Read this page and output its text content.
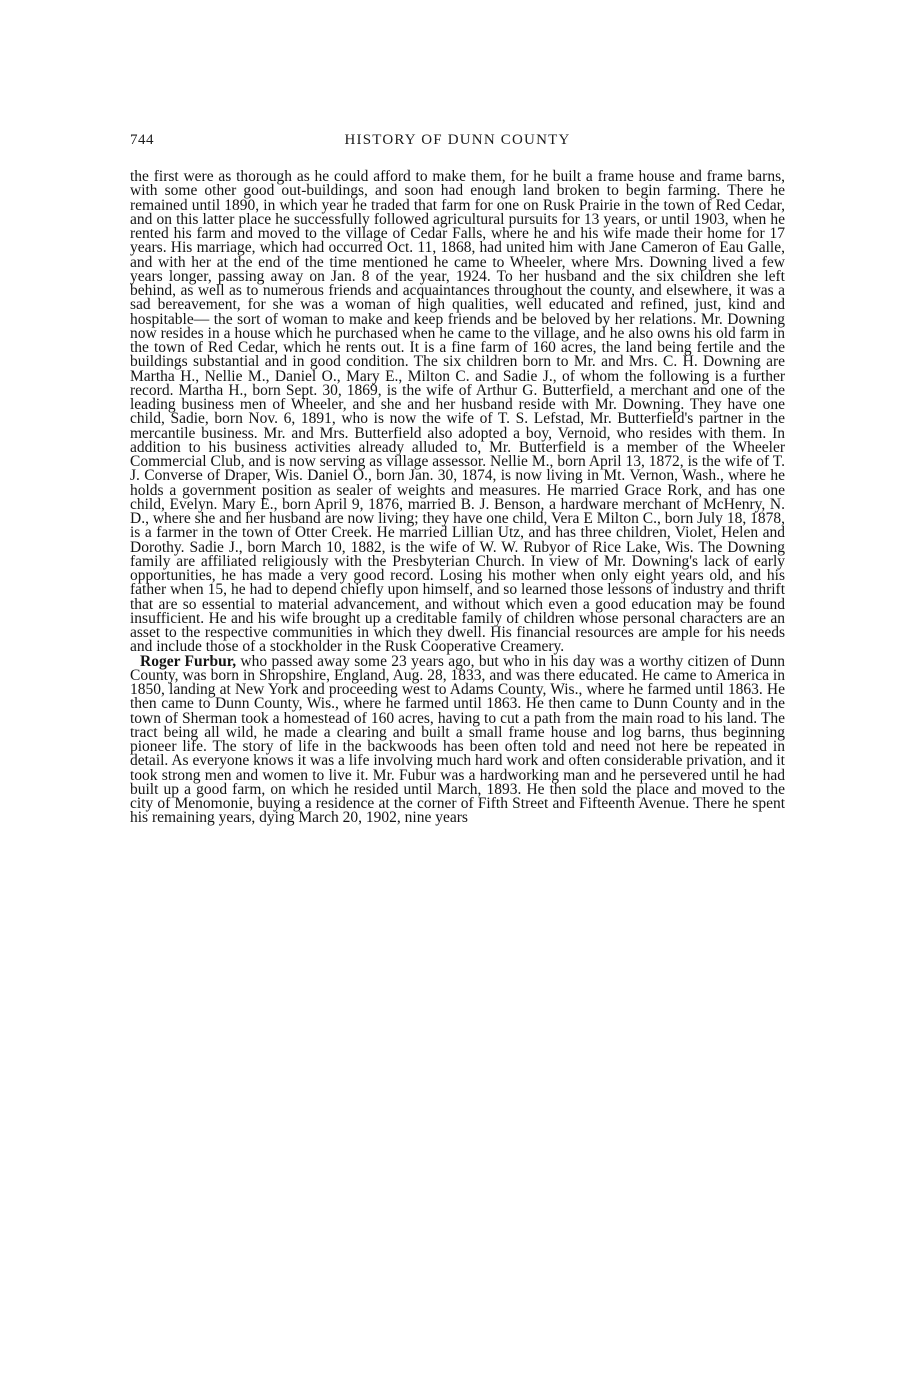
744	HISTORY OF DUNN COUNTY

the first were as thorough as he could afford to make them, for he built a frame house and frame barns, with some other good out-buildings, and soon had enough land broken to begin farming. There he remained until 1890, in which year he traded that farm for one on Rusk Prairie in the town of Red Cedar, and on this latter place he successfully followed agricultural pursuits for 13 years, or until 1903, when he rented his farm and moved to the village of Cedar Falls, where he and his wife made their home for 17 years. His marriage, which had occurred Oct. 11, 1868, had united him with Jane Cameron of Eau Galle, and with her at the end of the time mentioned he came to Wheeler, where Mrs. Downing lived a few years longer, passing away on Jan. 8 of the year, 1924. To her husband and the six children she left behind, as well as to numerous friends and acquaintances throughout the county, and elsewhere, it was a sad bereavement, for she was a woman of high qualities, well educated and refined, just, kind and hospitable— the sort of woman to make and keep friends and be beloved by her relations. Mr. Downing now resides in a house which he purchased when he came to the village, and he also owns his old farm in the town of Red Cedar, which he rents out. It is a fine farm of 160 acres, the land being fertile and the buildings substantial and in good condition. The six children born to Mr. and Mrs. C. H. Downing are Martha H., Nellie M., Daniel O., Mary E., Milton C. and Sadie J., of whom the following is a further record. Martha H., born Sept. 30, 1869, is the wife of Arthur G. Butterfield, a merchant and one of the leading business men of Wheeler, and she and her husband reside with Mr. Downing. They have one child, Sadie, born Nov. 6, 1891, who is now the wife of T. S. Lefstad, Mr. Butterfield's partner in the mercantile business. Mr. and Mrs. Butterfield also adopted a boy, Vernoid, who resides with them. In addition to his business activities already alluded to, Mr. Butterfield is a member of the Wheeler Commercial Club, and is now serving as village assessor. Nellie M., born April 13, 1872, is the wife of T. J. Converse of Draper, Wis. Daniel O., born Jan. 30, 1874, is now living in Mt. Vernon, Wash., where he holds a government position as sealer of weights and measures. He married Grace Rork, and has one child, Evelyn. Mary E., born April 9, 1876, married B. J. Benson, a hardware merchant of McHenry, N. D., where she and her husband are now living; they have one child, Vera E Milton C., born July 18, 1878, is a farmer in the town of Otter Creek. He married Lillian Utz, and has three children, Violet, Helen and Dorothy. Sadie J., born March 10, 1882, is the wife of W. W. Rubyor of Rice Lake, Wis. The Downing family are affiliated religiously with the Presbyterian Church. In view of Mr. Downing's lack of early opportunities, he has made a very good record. Losing his mother when only eight years old, and his father when 15, he had to depend chiefly upon himself, and so learned those lessons of industry and thrift that are so essential to material advancement, and without which even a good education may be found insufficient. He and his wife brought up a creditable family of children whose personal characters are an asset to the respective communities in which they dwell. His financial resources are ample for his needs and include those of a stockholder in the Rusk Cooperative Creamery.

Roger Furbur, who passed away some 23 years ago, but who in his day was a worthy citizen of Dunn County, was born in Shropshire, England, Aug. 28, 1833, and was there educated. He came to America in 1850, landing at New York and proceeding west to Adams County, Wis., where he farmed until 1863. He then came to Dunn County, Wis., where he farmed until 1863. He then came to Dunn County and in the town of Sherman took a homestead of 160 acres, having to cut a path from the main road to his land. The tract being all wild, he made a clearing and built a small frame house and log barns, thus beginning pioneer life. The story of life in the backwoods has been often told and need not here be repeated in detail. As everyone knows it was a life involving much hard work and often considerable privation, and it took strong men and women to live it. Mr. Fubur was a hardworking man and he persevered until he had built up a good farm, on which he resided until March, 1893. He then sold the place and moved to the city of Menomonie, buying a residence at the corner of Fifth Street and Fifteenth Avenue. There he spent his remaining years, dying March 20, 1902, nine years
